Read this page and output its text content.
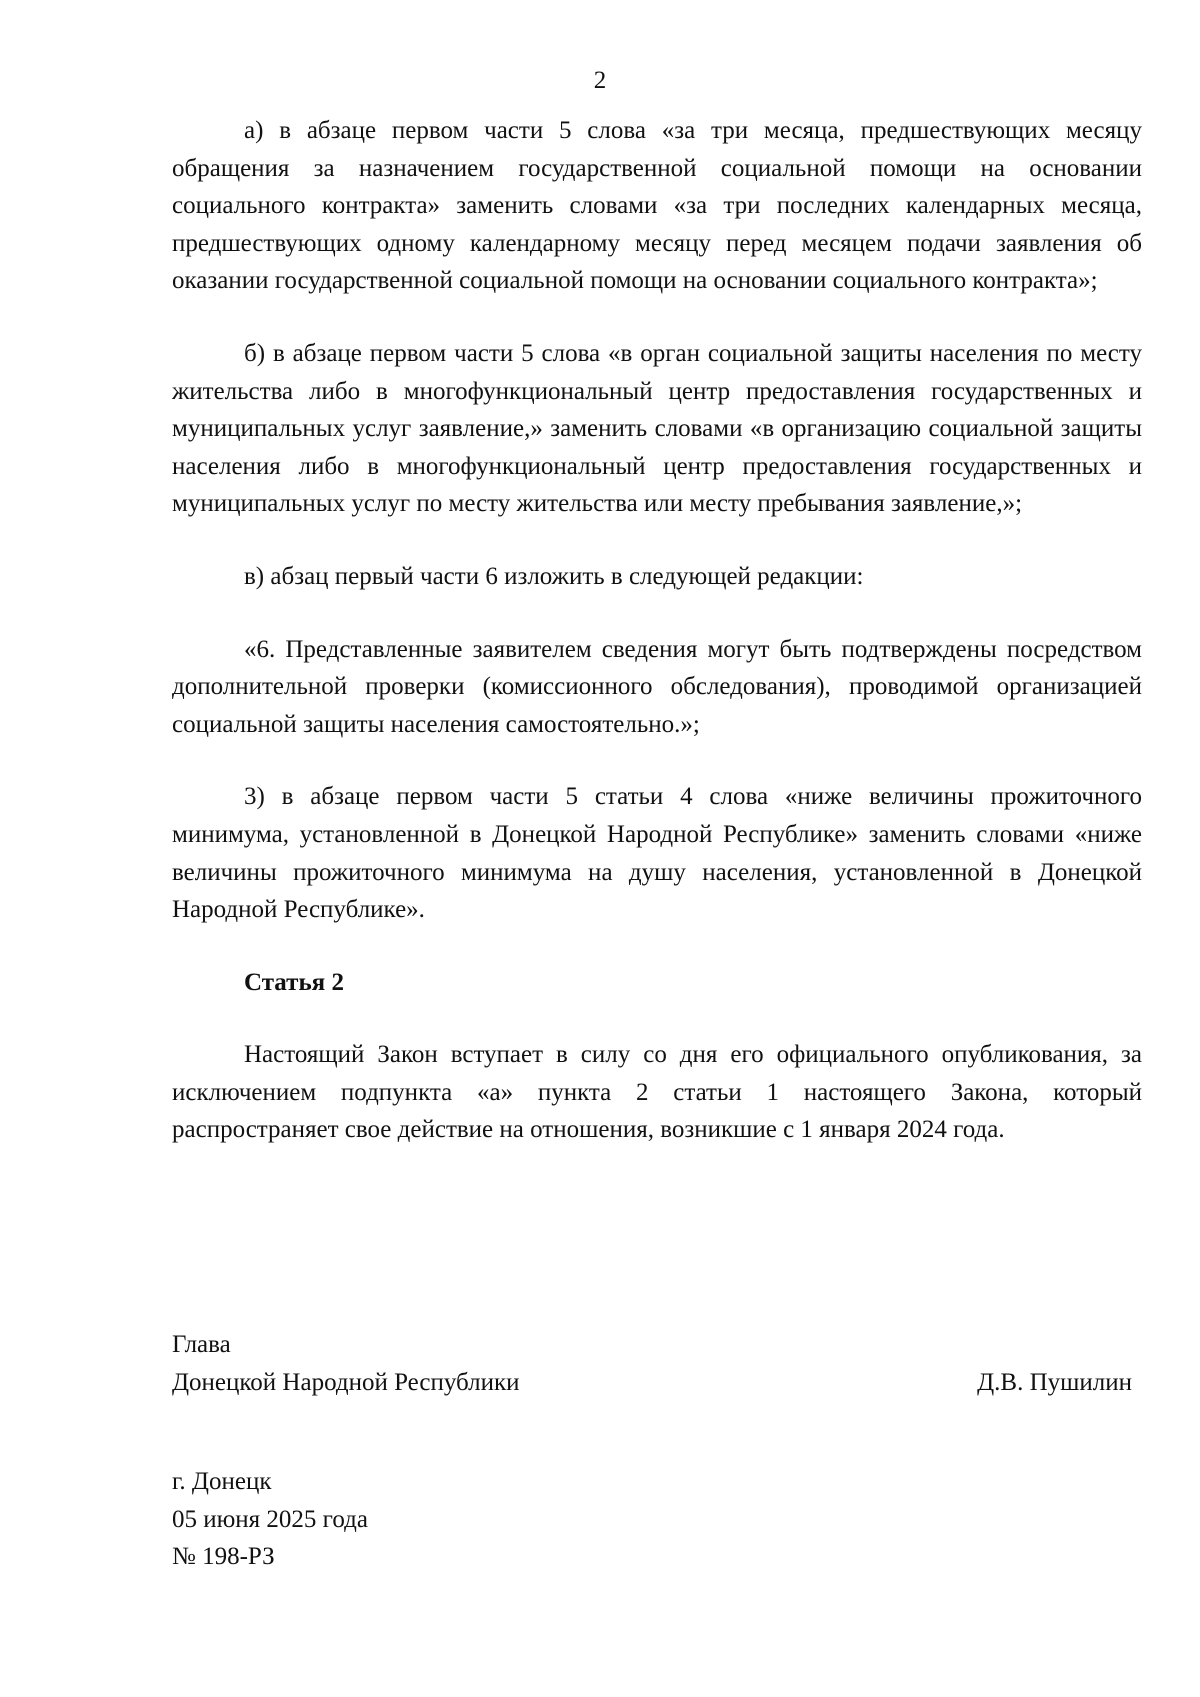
2

а) в абзаце первом части 5 слова «за три месяца, предшествующих месяцу обращения за назначением государственной социальной помощи на основании социального контракта» заменить словами «за три последних календарных месяца, предшествующих одному календарному месяцу перед месяцем подачи заявления об оказании государственной социальной помощи на основании социального контракта»;

б) в абзаце первом части 5 слова «в орган социальной защиты населения по месту жительства либо в многофункциональный центр предоставления государственных и муниципальных услуг заявление,» заменить словами «в организацию социальной защиты населения либо в многофункциональный центр предоставления государственных и муниципальных услуг по месту жительства или месту пребывания заявление,»;

в) абзац первый части 6 изложить в следующей редакции:

«6. Представленные заявителем сведения могут быть подтверждены посредством дополнительной проверки (комиссионного обследования), проводимой организацией социальной защиты населения самостоятельно.»;

3) в абзаце первом части 5 статьи 4 слова «ниже величины прожиточного минимума, установленной в Донецкой Народной Республике» заменить словами «ниже величины прожиточного минимума на душу населения, установленной в Донецкой Народной Республике».

Статья 2

Настоящий Закон вступает в силу со дня его официального опубликования, за исключением подпункта «а» пункта 2 статьи 1 настоящего Закона, который распространяет свое действие на отношения, возникшие с 1 января 2024 года.

Глава
Донецкой Народной Республики	Д.В. Пушилин
г. Донецк
05 июня 2025 года
№ 198-РЗ
